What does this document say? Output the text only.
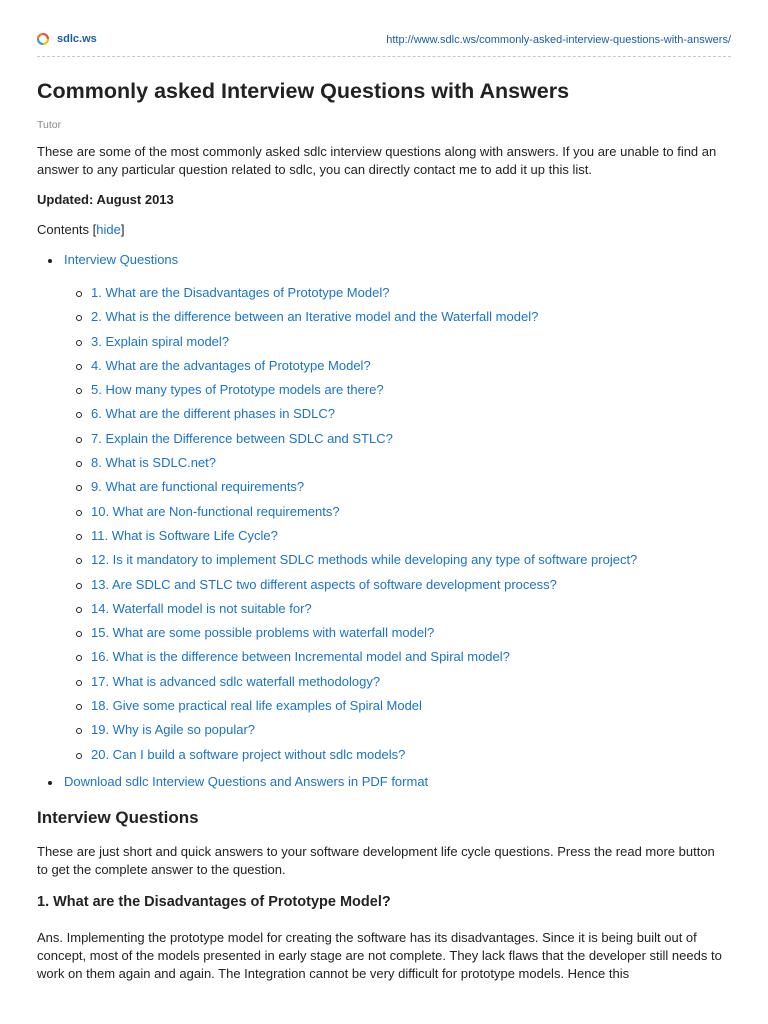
sdlc.ws	http://www.sdlc.ws/commonly-asked-interview-questions-with-answers/
Commonly asked Interview Questions with Answers
Tutor
These are some of the most commonly asked sdlc interview questions along with answers. If you are unable to find an answer to any particular question related to sdlc, you can directly contact me to add it up this list.
Updated: August 2013
Contents [hide]
Interview Questions
1. What are the Disadvantages of Prototype Model?
2. What is the difference between an Iterative model and the Waterfall model?
3. Explain spiral model?
4. What are the advantages of Prototype Model?
5. How many types of Prototype models are there?
6. What are the different phases in SDLC?
7. Explain the Difference between SDLC and STLC?
8. What is SDLC.net?
9. What are functional requirements?
10. What are Non-functional requirements?
11. What is Software Life Cycle?
12. Is it mandatory to implement SDLC methods while developing any type of software project?
13. Are SDLC and STLC two different aspects of software development process?
14. Waterfall model is not suitable for?
15. What are some possible problems with waterfall model?
16. What is the difference between Incremental model and Spiral model?
17. What is advanced sdlc waterfall methodology?
18. Give some practical real life examples of Spiral Model
19. Why is Agile so popular?
20. Can I build a software project without sdlc models?
Download sdlc Interview Questions and Answers in PDF format
Interview Questions
These are just short and quick answers to your software development life cycle questions. Press the read more button to get the complete answer to the question.
1. What are the Disadvantages of Prototype Model?
Ans. Implementing the prototype model for creating the software has its disadvantages. Since it is being built out of concept, most of the models presented in early stage are not complete. They lack flaws that the developer still needs to work on them again and again. The Integration cannot be very difficult for prototype models. Hence this
